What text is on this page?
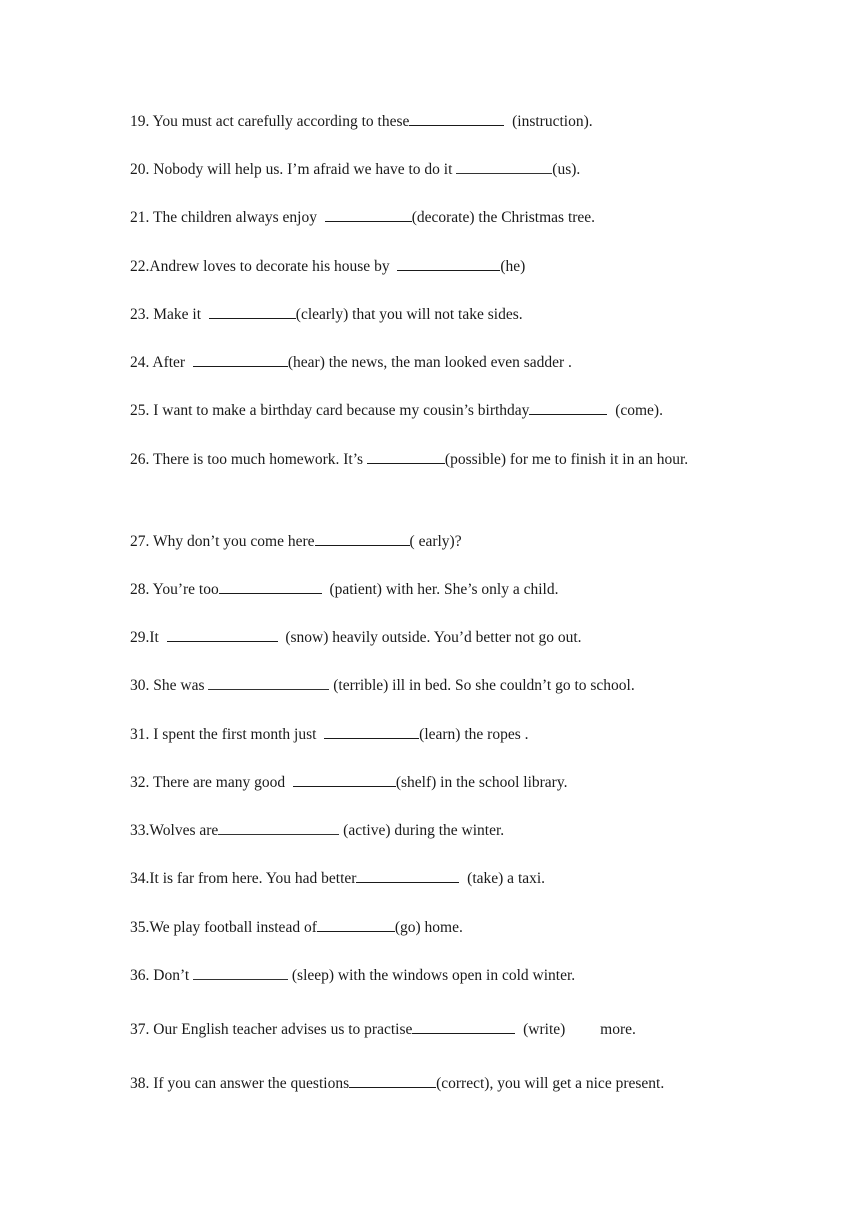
19. You must act carefully according to these	(instruction).

20. Nobody will help us. I’m afraid we have to do it	(us).

21. The children always enjoy	(decorate) the Christmas tree.

22.Andrew loves to decorate his house by	(he)

23. Make it	(clearly) that you will not take sides.

24. After	(hear) the news, the man looked even sadder .

25. I want to make a birthday card because my cousin’s birthday	(come).

26. There is too much homework. It’s	(possible) for me to finish it in an hour.

27. Why don’t you come here	( early)?

28. You’re too	(patient) with her. She’s only a child.

29.It	(snow) heavily outside. You’d better not go out.

30. She was	(terrible) ill in bed. So she couldn’t go to school.

31. I spent the first month just	(learn) the ropes .

32. There are many good	(shelf) in the school library.

33.Wolves are	(active) during the winter.

34.It is far from here. You had better	(take) a taxi.

35.We play football instead of	(go) home.

36. Don’t	(sleep) with the windows open in cold winter.

37. Our English teacher advises us to practise	(write)         more.

38. If you can answer the questions	(correct), you will get a nice present.
